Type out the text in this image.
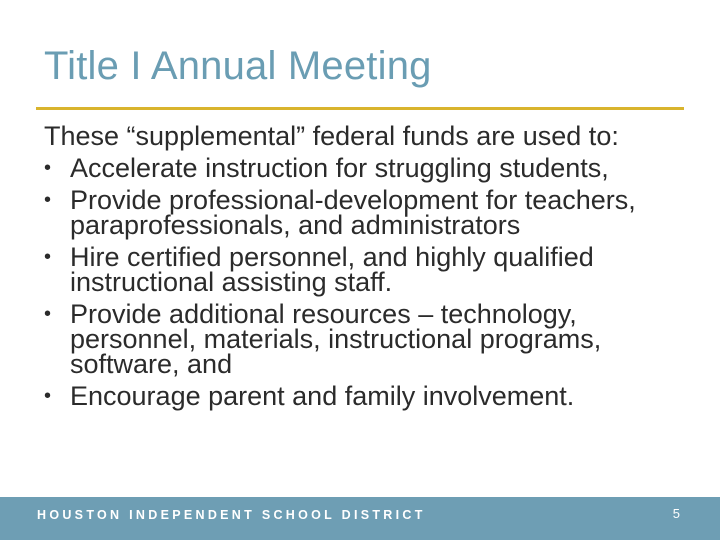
Title I Annual Meeting

These “supplemental” federal funds are used to:

• Accelerate instruction for struggling students,
• Provide professional-development for teachers, paraprofessionals, and administrators
• Hire certified personnel, and highly qualified instructional assisting staff.
• Provide additional resources – technology, personnel, materials, instructional programs, software, and
• Encourage parent and family involvement.
HOUSTON INDEPENDENT SCHOOL DISTRICT	5
